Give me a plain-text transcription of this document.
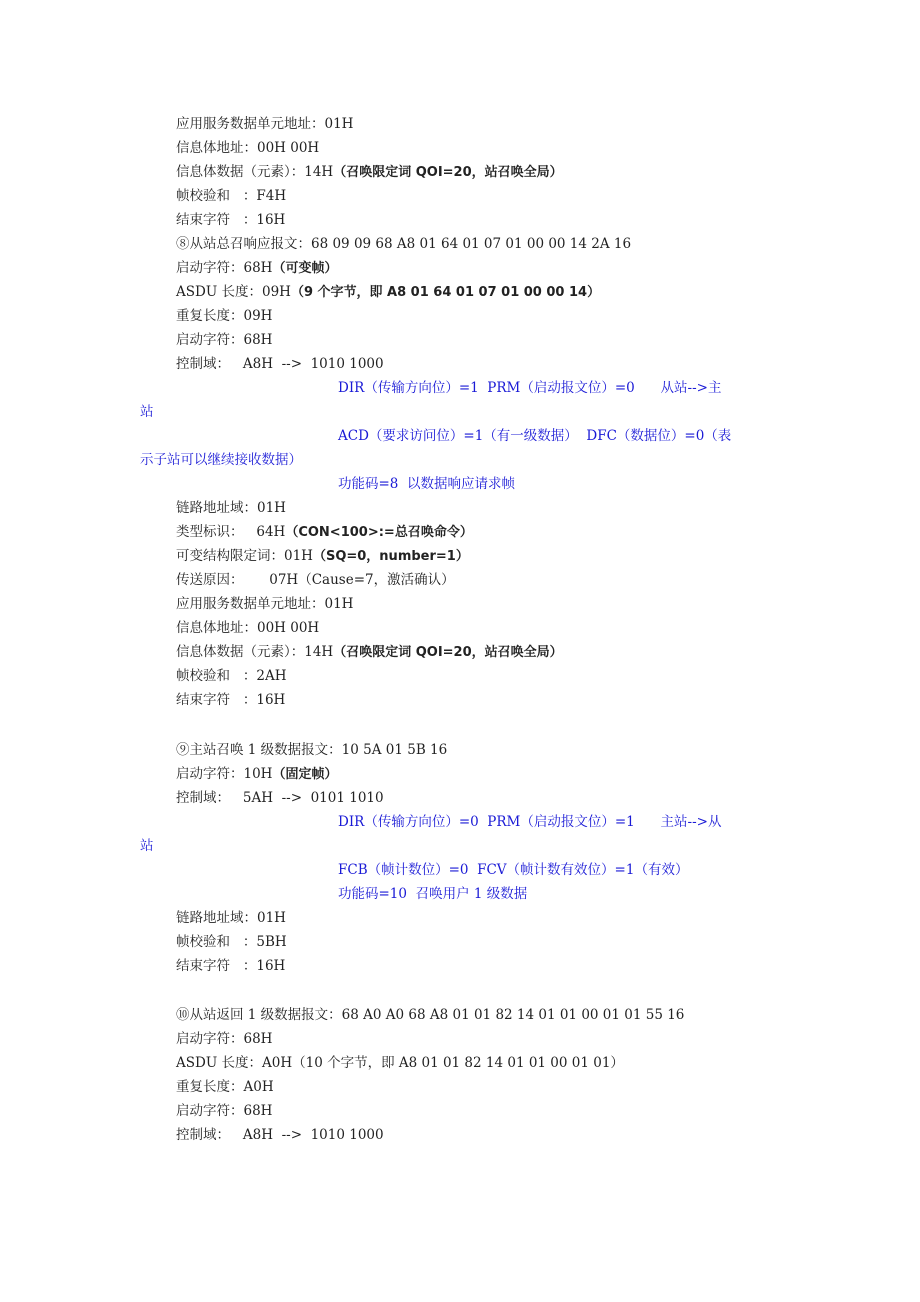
应用服务数据单元地址：01H
信息体地址：00H 00H
信息体数据（元素）：14H（召唤限定词 QOI=20，站召唤全局）
帧校验和   ：F4H
结束字符   ：16H
⑧从站总召响应报文：68 09 09 68 A8 01 64 01 07 01 00 00 14 2A 16
启动字符：68H（可变帧）
ASDU 长度：09H（9 个字节，即 A8 01 64 01 07 01 00 00 14）
重复长度：09H
启动字符：68H
控制域：   A8H  -->  1010 1000
DIR（传输方向位）=1  PRM（启动报文位）=0      从站-->主
站
ACD（要求访问位）=1（有一级数据）  DFC（数据位）=0（表
示子站可以继续接收数据）
功能码=8  以数据响应请求帧
链路地址域：01H
类型标识：   64H（CON<100>:=总召唤命令）
可变结构限定词：01H（SQ=0，number=1）
传送原因：      07H（Cause=7，激活确认）
应用服务数据单元地址：01H
信息体地址：00H 00H
信息体数据（元素）：14H（召唤限定词 QOI=20，站召唤全局）
帧校验和   ：2AH
结束字符   ：16H
⑨主站召唤 1 级数据报文：10 5A 01 5B 16
启动字符：10H（固定帧）
控制域：   5AH  -->  0101 1010
DIR（传输方向位）=0  PRM（启动报文位）=1      主站-->从
站
FCB（帧计数位）=0  FCV（帧计数有效位）=1（有效）
功能码=10  召唤用户 1 级数据
链路地址域：01H
帧校验和   ：5BH
结束字符   ：16H
⑩从站返回 1 级数据报文：68 A0 A0 68 A8 01 01 82 14 01 01 00 01 01 55 16
启动字符：68H
ASDU 长度：A0H（10 个字节，即 A8 01 01 82 14 01 01 00 01 01）
重复长度：A0H
启动字符：68H
控制域：   A8H  -->  1010 1000
